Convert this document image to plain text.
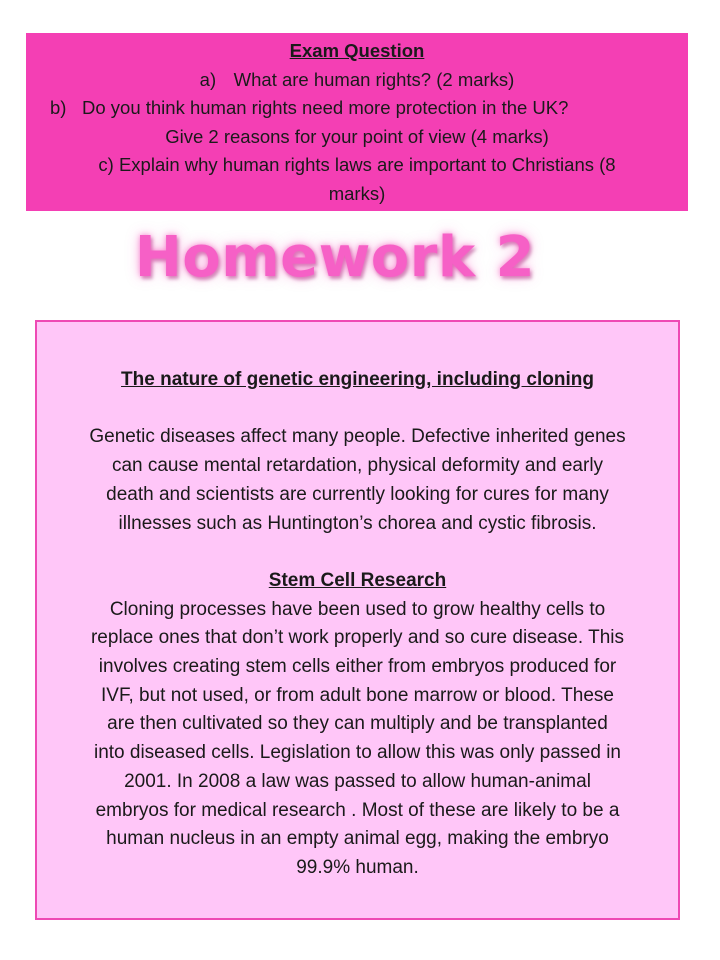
Exam Question
a) What are human rights? (2 marks)
b) Do you think human rights need more protection in the UK?
Give 2 reasons for your point of view (4 marks)
c) Explain why human rights laws are important to Christians (8
marks)
Homework 2
The nature of genetic engineering, including cloning
Genetic diseases affect many people. Defective inherited genes
can cause mental retardation, physical deformity and early
death and scientists are currently looking for cures for many
illnesses such as Huntington’s chorea and cystic fibrosis.
Stem Cell Research
Cloning processes have been used to grow healthy cells to
replace ones that don’t work properly and so cure disease. This
involves creating stem cells either from embryos produced for
IVF, but not used, or from adult bone marrow or blood. These
are then cultivated so they can multiply and be transplanted
into diseased cells. Legislation to allow this was only passed in
2001. In 2008 a law was passed to allow human-animal
embryos for medical research . Most of these are likely to be a
human nucleus in an empty animal egg, making the embryo
99.9% human.
